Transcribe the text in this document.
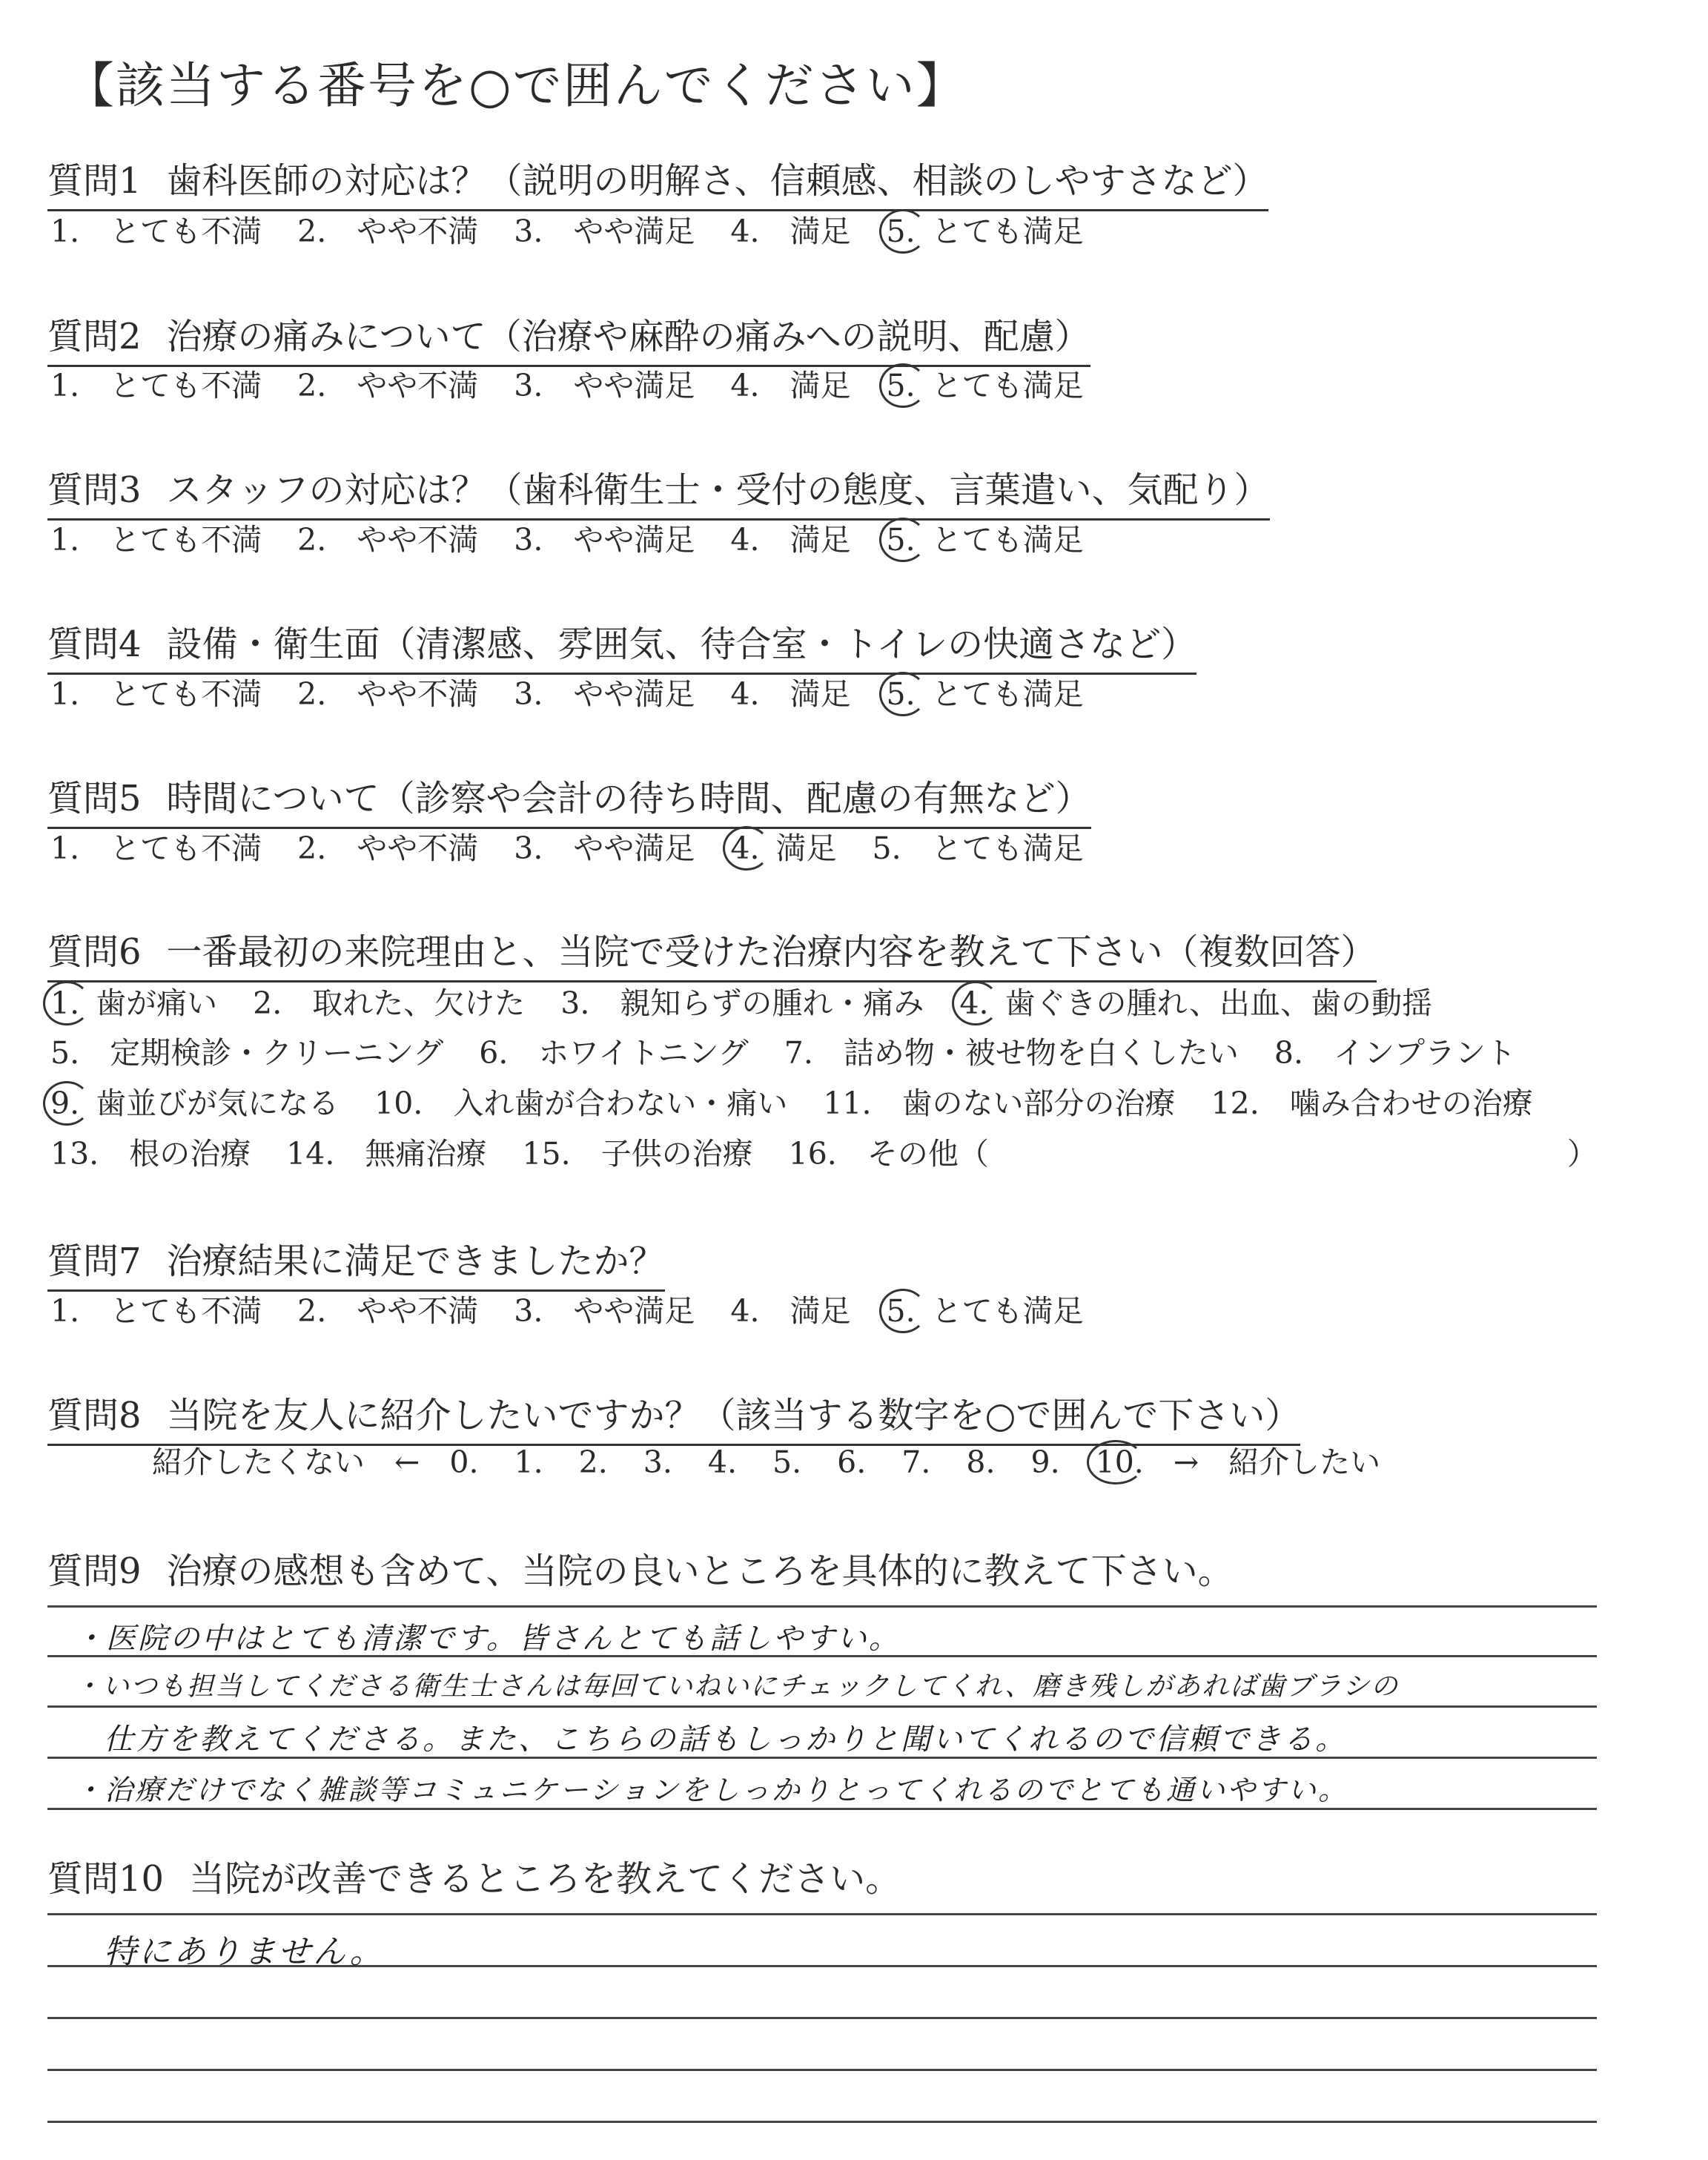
【該当する番号を○で囲んでください】
質問1 歯科医師の対応は？（説明の明解さ、信頼感、相談のしやすさなど）
1.　とても不満 2.　やや不満 3.　やや満足 4.　満足 5. とても満足
質問2 治療の痛みについて（治療や麻酔の痛みへの説明、配慮）
1.　とても不満 2.　やや不満 3.　やや満足 4.　満足 5. とても満足
質問3 スタッフの対応は？（歯科衛生士・受付の態度、言葉遣い、気配り）
1.　とても不満 2.　やや不満 3.　やや満足 4.　満足 5. とても満足
質問4 設備・衛生面（清潔感、雰囲気、待合室・トイレの快適さなど）
1.　とても不満 2.　やや不満 3.　やや満足 4.　満足 5. とても満足
質問5 時間について（診察や会計の待ち時間、配慮の有無など）
1.　とても不満 2.　やや不満 3.　やや満足 4. 満足 5.　とても満足
質問6 一番最初の来院理由と、当院で受けた治療内容を教えて下さい（複数回答）
1. 歯が痛い 2.　取れた、欠けた 3.　親知らずの腫れ・痛み 4. 歯ぐきの腫れ、出血、歯の動揺
5.　定期検診・クリーニング 6.　ホワイトニング 7.　詰め物・被せ物を白くしたい 8.　インプラント
9. 歯並びが気になる 10.　入れ歯が合わない・痛い 11.　歯のない部分の治療 12.　噛み合わせの治療
13.　根の治療 14.　無痛治療 15.　子供の治療 16.　その他（	）
質問7 治療結果に満足できましたか？
1.　とても不満 2.　やや不満 3.　やや満足 4.　満足 5. とても満足
質問8 当院を友人に紹介したいですか？（該当する数字を○で囲んで下さい）
紹介したくない ← 0. 1. 2. 3. 4. 5. 6. 7. 8. 9. 10. → 紹介したい
質問9 治療の感想も含めて、当院の良いところを具体的に教えて下さい。
・医院の中はとても清潔です。皆さんとても話しやすい。
・いつも担当してくださる衛生士さんは毎回ていねいにチェックしてくれ、磨き残しがあれば歯ブラシの
仕方を教えてくださる。また、こちらの話もしっかりと聞いてくれるので信頼できる。
・治療だけでなく雑談等コミュニケーションをしっかりとってくれるのでとても通いやすい。
質問10 当院が改善できるところを教えてください。
特にありません。
